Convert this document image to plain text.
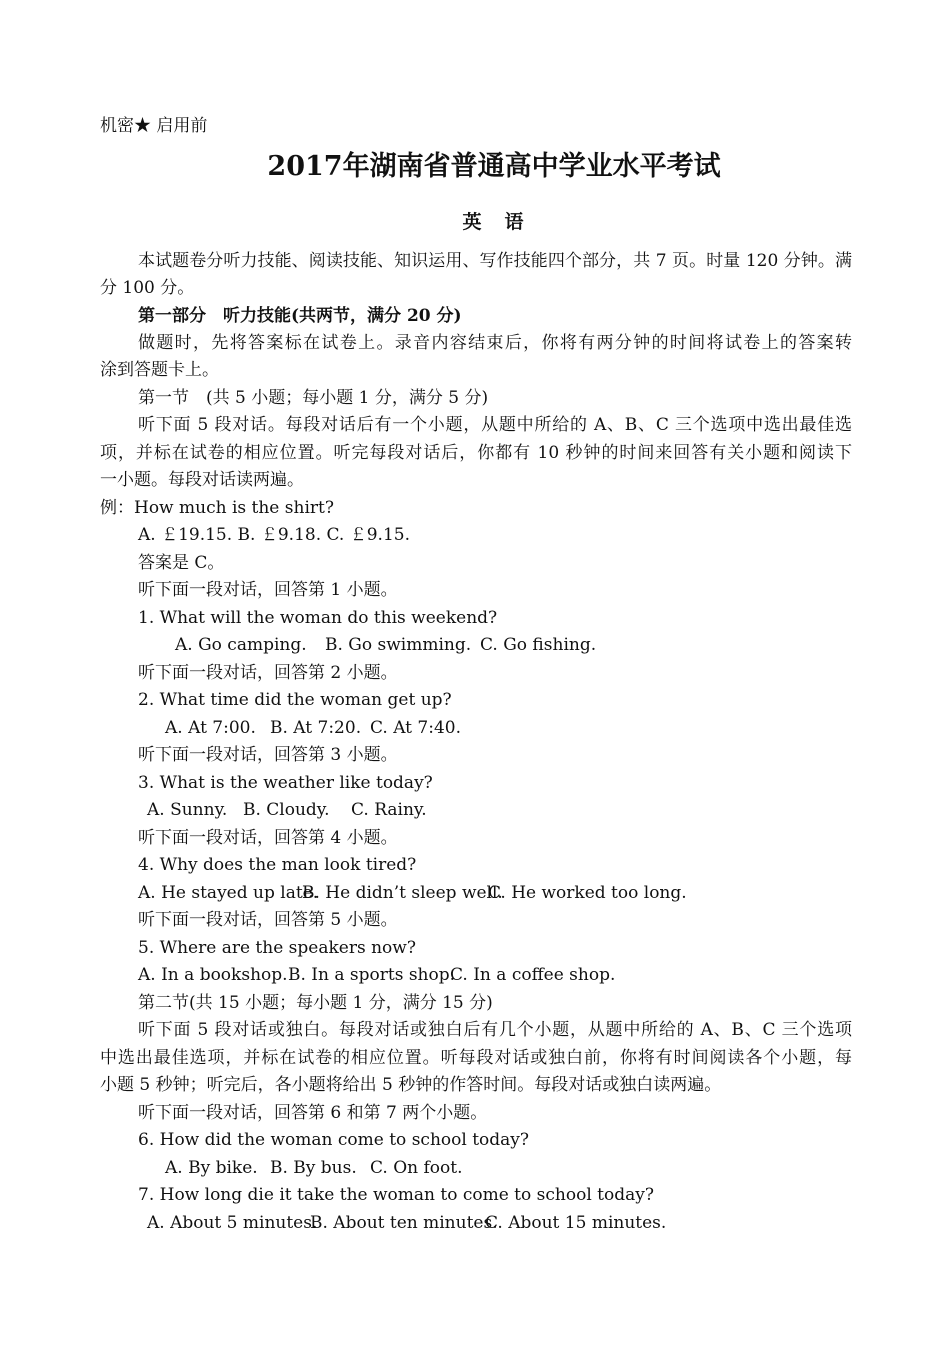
机密★ 启用前
2017年湖南省普通高中学业水平考试
英　语
本试题卷分听力技能、阅读技能、知识运用、写作技能四个部分，共 7 页。时量 120 分钟。满
分 100 分。
第一部分　听力技能(共两节，满分 20 分)
做题时，先将答案标在试卷上。录音内容结束后，你将有两分钟的时间将试卷上的答案转
涂到答题卡上。
第一节　(共 5 小题；每小题 1 分，满分 5 分)
听下面 5 段对话。每段对话后有一个小题，从题中所给的 A、B、C 三个选项中选出最佳选
项，并标在试卷的相应位置。听完每段对话后，你都有 10 秒钟的时间来回答有关小题和阅读下
一小题。每段对话读两遍。
例：How much is the shirt?
A. ￡19.15. B. ￡9.18. C. ￡9.15.
答案是 C。
听下面一段对话，回答第 1 小题。
1. What will the woman do this weekend?
A. Go camping. B. Go swimming. C. Go fishing.
听下面一段对话，回答第 2 小题。
2. What time did the woman get up?
A. At 7:00. B. At 7:20. C. At 7:40.
听下面一段对话，回答第 3 小题。
3. What is the weather like today?
A. Sunny. B. Cloudy. C. Rainy.
听下面一段对话，回答第 4 小题。
4. Why does the man look tired?
A. He stayed up late.B. He didn’t sleep well.C. He worked too long.
听下面一段对话，回答第 5 小题。
5. Where are the speakers now?
A. In a bookshop.B. In a sports shop.C. In a coffee shop.
第二节(共 15 小题；每小题 1 分，满分 15 分)
听下面 5 段对话或独白。每段对话或独白后有几个小题，从题中所给的 A、B、C 三个选项
中选出最佳选项，并标在试卷的相应位置。听每段对话或独白前，你将有时间阅读各个小题，每
小题 5 秒钟；听完后，各小题将给出 5 秒钟的作答时间。每段对话或独白读两遍。
听下面一段对话，回答第 6 和第 7 两个小题。
6. How did the woman come to school today?
A. By bike. B. By bus. C. On foot.
7. How long die it take the woman to come to school today?
A. About 5 minutes.B. About ten minutes.C. About 15 minutes.
